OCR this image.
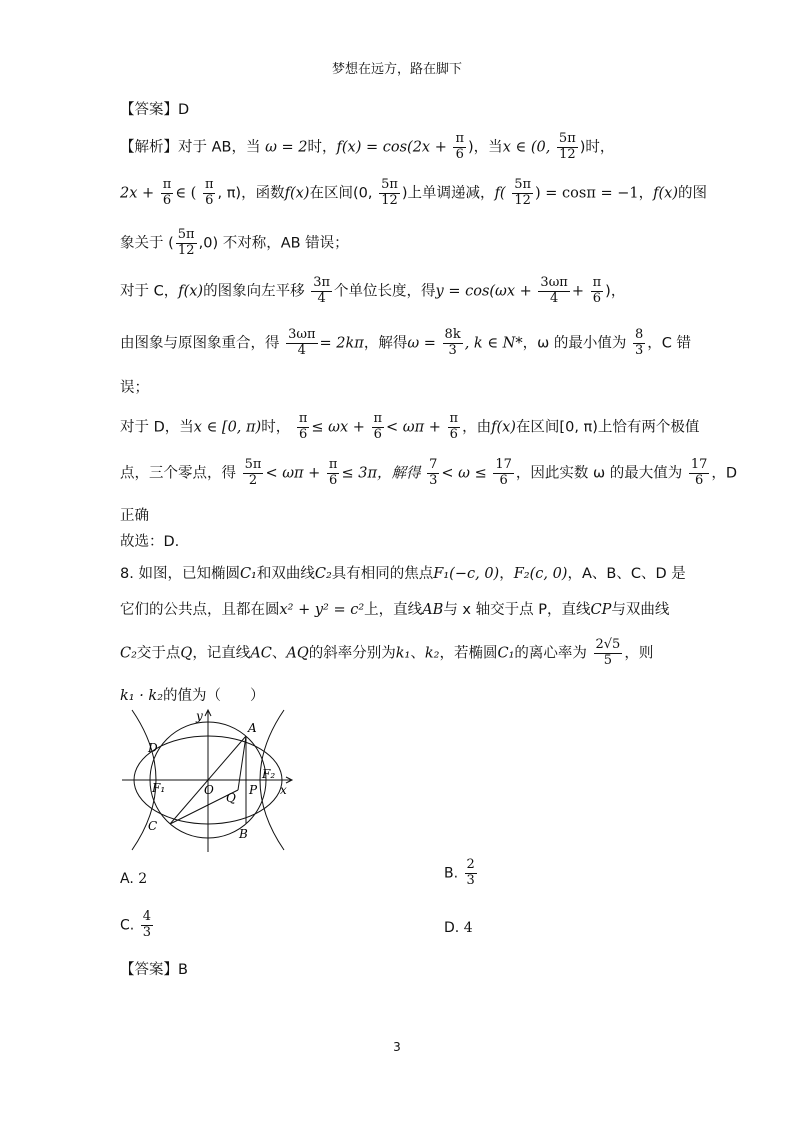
梦想在远方，路在脚下
【答案】D
【解析】对于 AB，当 ω = 2时，$f(x) = \cos(2x + \frac{\pi}{6}$ )，当x ∈ (0, $\frac{5\pi}{12}$ )时，
$2x + \frac{\pi}{6}$ ∈ ( $\frac{\pi}{6}$ , π)，函数f(x)在区间(0, $\frac{5\pi}{12}$ )上单调递减，$f( \frac{5\pi}{12}$ ) = cosπ = −1，f(x)的图
象关于 ( $\frac{5\pi}{12} ,0$) 不对称，AB 错误；
对于 C，f(x)的图象向左平移 $\frac{3\pi}{4}$ 个单位长度，得$y = \cos(\omega x + \frac{3\omega\pi}{4} + \frac{\pi}{6}$ )，
由图象与原图象重合，得 $\frac{3\omega\pi}{4} = 2k\pi$，解得$\omega = \frac{8k}{3}$ , k ∈ N*，ω 的最小值为 $\frac{8}{3}$ ，C 错
误；
对于 D，当x ∈ [0, π)时， $\frac{\pi}{6} \le \omega x + \frac{\pi}{6} < \omega\pi + \frac{\pi}{6}$ ，由f(x)在区间[0, π)上恰有两个极值
点，三个零点，得 $\frac{5\pi}{2} < \omega\pi + \frac{\pi}{6} \le 3\pi$，解得 $\frac{7}{3} < \omega \le \frac{17}{6}$ ，因此实数 ω 的最大值为 $\frac{17}{6}$ ，D
正确
故选：D.
8. 如图，已知椭圆C₁和双曲线C₂具有相同的焦点F₁(−c, 0)，F₂(c, 0)，A、B、C、D 是
它们的公共点，且都在圆x² + y² = c²上，直线AB与 x 轴交于点 P，直线CP与双曲线
C₂交于点Q，记直线AC、AQ的斜率分别为k₁、k₂，若椭圆C₁的离心率为 $\frac{2√5}{5}$ ，则
k₁ · k₂的值为（　　）
y
x
A
B
C
D
O	P
Q
F₁
F₂
A. 2	B. $\frac{2}{3}$
C. $\frac{4}{3}$	D. 4
【答案】B
3
